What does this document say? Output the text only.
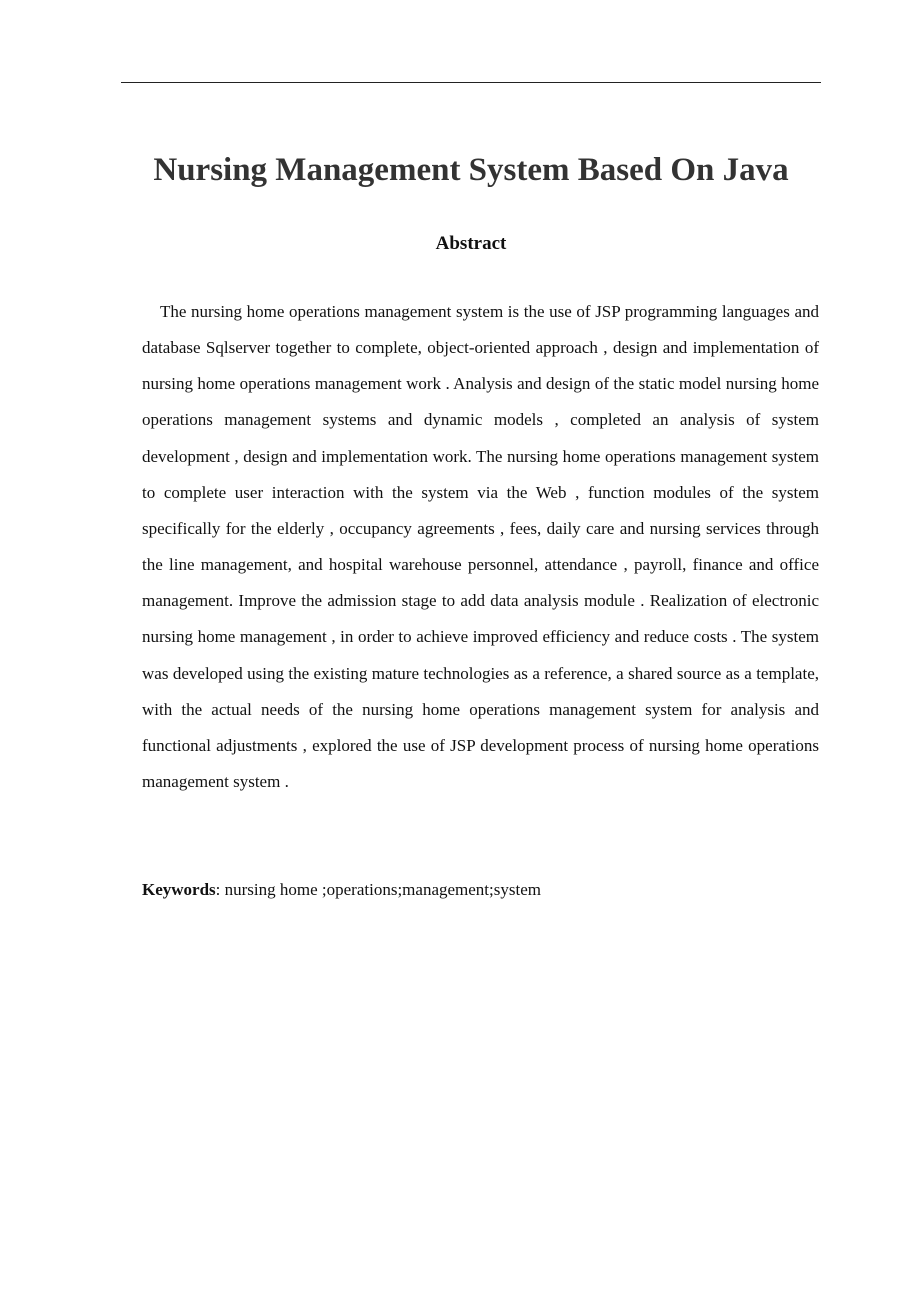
Nursing Management System Based On Java
Abstract

The nursing home operations management system is the use of JSP programming languages and database Sqlserver together to complete, object-oriented approach , design and implementation of nursing home operations management work . Analysis and design of the static model nursing home operations management systems and dynamic models , completed an analysis of system development , design and implementation work. The nursing home operations management system to complete user interaction with the system via the Web , function modules of the system specifically for the elderly , occupancy agreements , fees, daily care and nursing services through the line management, and hospital warehouse personnel, attendance , payroll, finance and office management. Improve the admission stage to add data analysis module . Realization of electronic nursing home management , in order to achieve improved efficiency and reduce costs . The system was developed using the existing mature technologies as a reference, a shared source as a template, with the actual needs of the nursing home operations management system for analysis and functional adjustments , explored the use of JSP development process of nursing home operations management system .

Keywords: nursing home ;operations;management;system
